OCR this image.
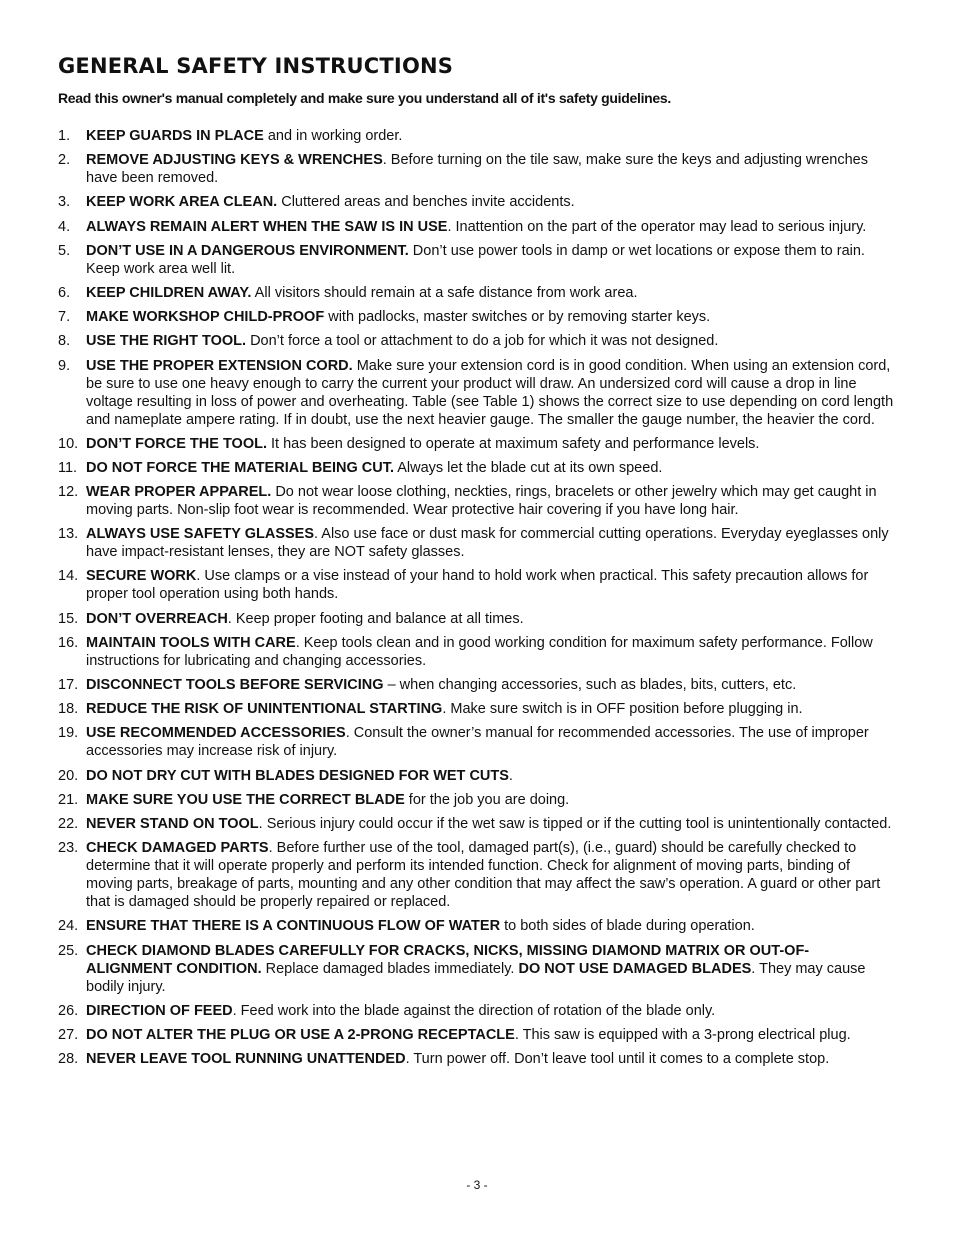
GENERAL SAFETY INSTRUCTIONS
Read this owner's manual completely and make sure you understand all of it's safety guidelines.
1.	KEEP GUARDS IN PLACE and in working order.
2.	REMOVE ADJUSTING KEYS & WRENCHES. Before turning on the tile saw, make sure the keys and adjusting wrenches have been removed.
3.	KEEP WORK AREA CLEAN. Cluttered areas and benches invite accidents.
4.	ALWAYS REMAIN ALERT WHEN THE SAW IS IN USE. Inattention on the part of the operator may lead to serious injury.
5.	DON’T USE IN A DANGEROUS ENVIRONMENT. Don’t use power tools in damp or wet locations or expose them to rain. Keep work area well lit.
6.	KEEP CHILDREN AWAY. All visitors should remain at a safe distance from work area.
7.	MAKE WORKSHOP CHILD-PROOF with padlocks, master switches or by removing starter keys.
8.	USE THE RIGHT TOOL. Don’t force a tool or attachment to do a job for which it was not designed.
9.	USE THE PROPER EXTENSION CORD. Make sure your extension cord is in good condition. When using an extension cord, be sure to use one heavy enough to carry the current your product will draw. An undersized cord will cause a drop in line voltage resulting in loss of power and overheating. Table (see Table 1) shows the correct size to use depending on cord length and nameplate ampere rating. If in doubt, use the next heavier gauge. The smaller the gauge number, the heavier the cord.
10. DON’T FORCE THE TOOL. It has been designed to operate at maximum safety and performance levels.
11. DO NOT FORCE THE MATERIAL BEING CUT. Always let the blade cut at its own speed.
12. WEAR PROPER APPAREL. Do not wear loose clothing, neckties, rings, bracelets or other jewelry which may get caught in moving parts. Non-slip foot wear is recommended. Wear protective hair covering if you have long hair.
13. ALWAYS USE SAFETY GLASSES. Also use face or dust mask for commercial cutting operations. Everyday eyeglasses only have impact-resistant lenses, they are NOT safety glasses.
14. SECURE WORK. Use clamps or a vise instead of your hand to hold work when practical. This safety precaution allows for proper tool operation using both hands.
15. DON’T OVERREACH. Keep proper footing and balance at all times.
16. MAINTAIN TOOLS WITH CARE. Keep tools clean and in good working condition for maximum safety performance. Follow instructions for lubricating and changing accessories.
17. DISCONNECT TOOLS BEFORE SERVICING – when changing accessories, such as blades, bits, cutters, etc.
18. REDUCE THE RISK OF UNINTENTIONAL STARTING. Make sure switch is in OFF position before plugging in.
19. USE RECOMMENDED ACCESSORIES. Consult the owner’s manual for recommended accessories. The use of improper accessories may increase risk of injury.
20. DO NOT DRY CUT WITH BLADES DESIGNED FOR WET CUTS.
21. MAKE SURE YOU USE THE CORRECT BLADE for the job you are doing.
22. NEVER STAND ON TOOL. Serious injury could occur if the wet saw is tipped or if the cutting tool is unintentionally contacted.
23. CHECK DAMAGED PARTS. Before further use of the tool, damaged part(s), (i.e., guard) should be carefully checked to determine that it will operate properly and perform its intended function. Check for alignment of moving parts, binding of moving parts, breakage of parts, mounting and any other condition that may affect the saw’s operation. A guard or other part that is damaged should be properly repaired or replaced.
24. ENSURE THAT THERE IS A CONTINUOUS FLOW OF WATER to both sides of blade during operation.
25. CHECK DIAMOND BLADES CAREFULLY FOR CRACKS, NICKS, MISSING DIAMOND MATRIX OR OUT-OF-ALIGNMENT CONDITION. Replace damaged blades immediately. DO NOT USE DAMAGED BLADES. They may cause bodily injury.
26. DIRECTION OF FEED. Feed work into the blade against the direction of rotation of the blade only.
27. DO NOT ALTER THE PLUG OR USE A 2-PRONG RECEPTACLE. This saw is equipped with a 3-prong electrical plug.
28. NEVER LEAVE TOOL RUNNING UNATTENDED. Turn power off. Don’t leave tool until it comes to a complete stop.
- 3 -
